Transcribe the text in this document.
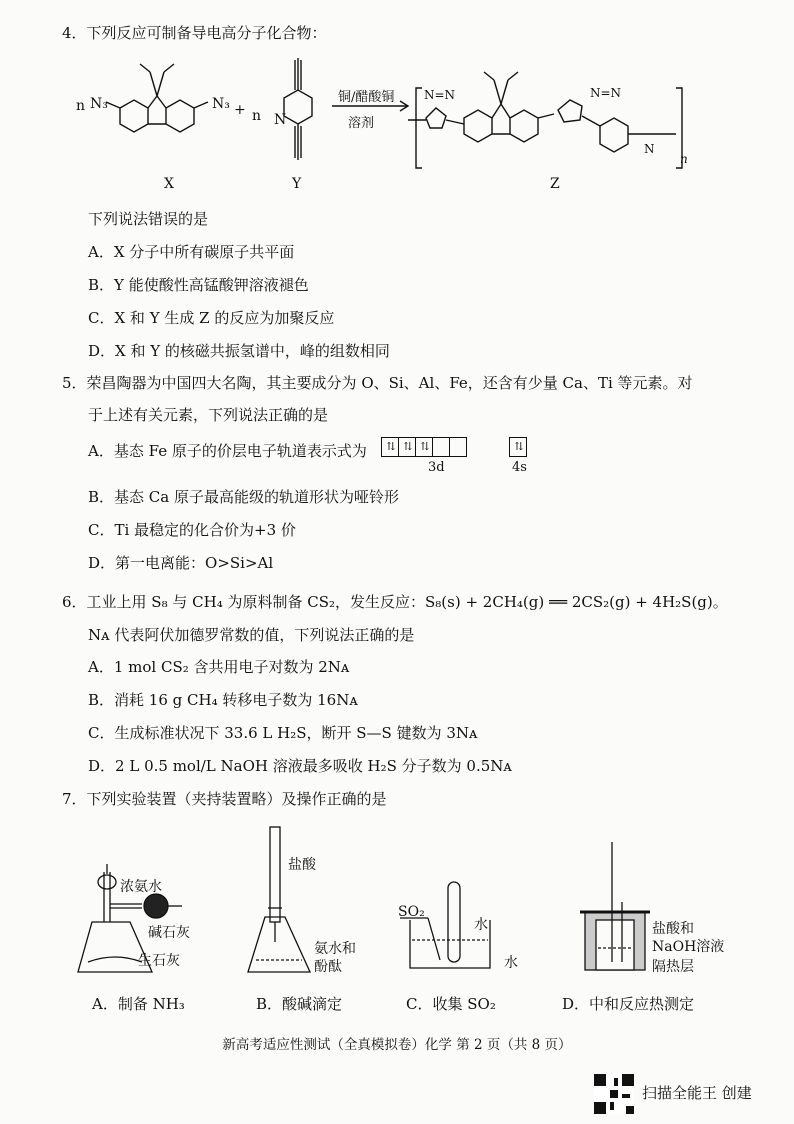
4．下列反应可制备导电高分子化合物：
n N₃	N₃ + n N
铜/醋酸铜
溶剂
N=N	N=N
N
n
X	Y	Z
下列说法错误的是
A．X 分子中所有碳原子共平面
B．Y 能使酸性高锰酸钾溶液褪色
C．X 和 Y 生成 Z 的反应为加聚反应
D．X 和 Y 的核磁共振氢谱中，峰的组数相同
5．荣昌陶器为中国四大名陶，其主要成分为 O、Si、Al、Fe，还含有少量 Ca、Ti 等元素。对
于上述有关元素，下列说法正确的是
A．基态 Fe 原子的价层电子轨道表示式为	⇅ ⇅ ⇅	⇅
3d	4s
B．基态 Ca 原子最高能级的轨道形状为哑铃形
C．Ti 最稳定的化合价为+3 价
D．第一电离能：O>Si>Al
6．工业上用 S₈ 与 CH₄ 为原料制备 CS₂，发生反应：S₈(s) + 2CH₄(g) ══ 2CS₂(g) + 4H₂S(g)。
Nᴀ 代表阿伏加德罗常数的值，下列说法正确的是
A．1 mol CS₂ 含共用电子对数为 2Nᴀ
B．消耗 16 g CH₄ 转移电子数为 16Nᴀ
C．生成标准状况下 33.6 L H₂S，断开 S—S 键数为 3Nᴀ
D．2 L 0.5 mol/L NaOH 溶液最多吸收 H₂S 分子数为 0.5Nᴀ
7．下列实验装置（夹持装置略）及操作正确的是
浓氨水
碱石灰
生石灰
盐酸
氨水和
酚酞
SO₂
水
水
盐酸和
NaOH溶液
隔热层
A．制备 NH₃	B．酸碱滴定	C．收集 SO₂	D．中和反应热测定
新高考适应性测试（全真模拟卷）化学 第 2 页（共 8 页）
扫描全能王 创建
